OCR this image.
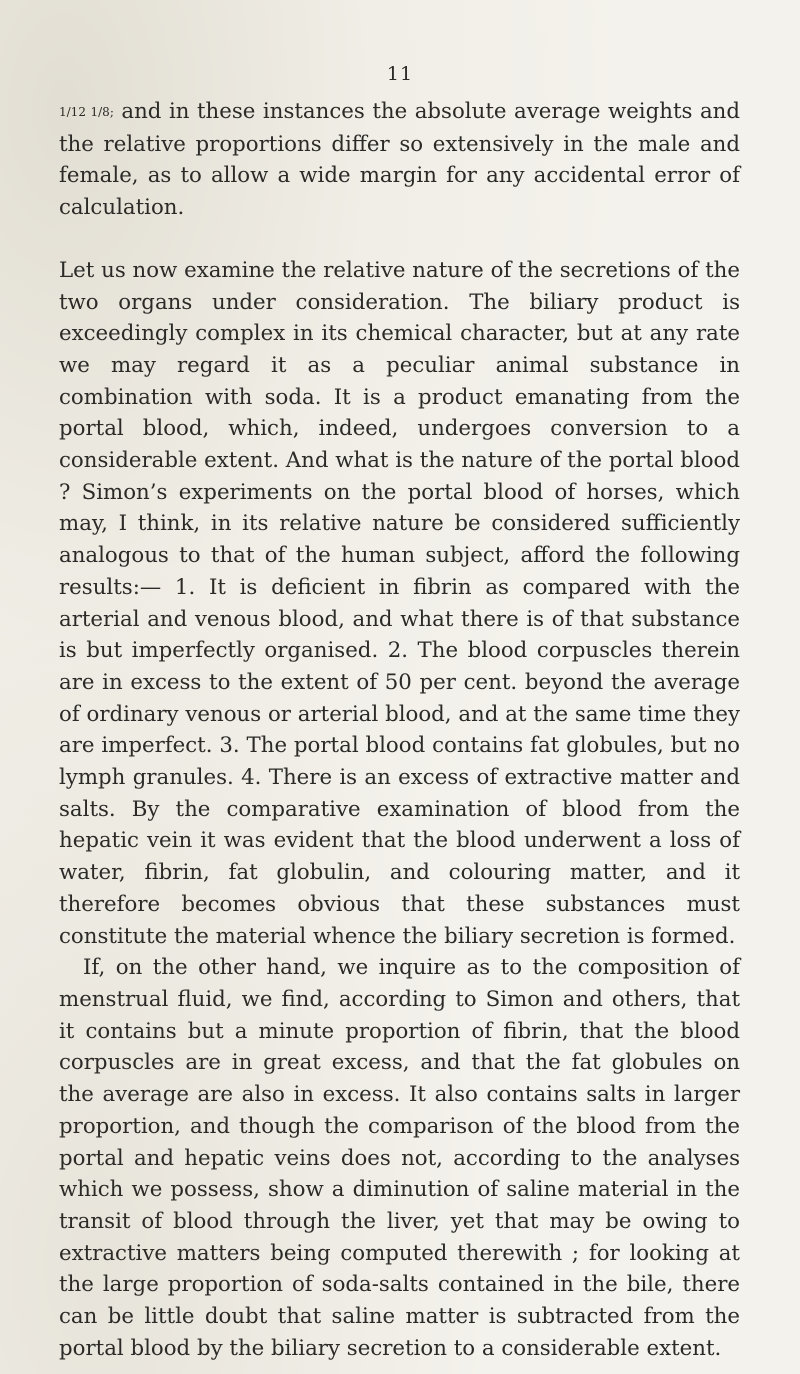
11

1/12 1/8; and in these instances the absolute average weights and the relative proportions differ so extensively in the male and female, as to allow a wide margin for any accidental error of calculation.

Let us now examine the relative nature of the secretions of the two organs under consideration. The biliary product is exceedingly complex in its chemical character, but at any rate we may regard it as a peculiar animal substance in combination with soda. It is a product emanating from the portal blood, which, indeed, undergoes conversion to a considerable extent. And what is the nature of the portal blood ? Simon’s experiments on the portal blood of horses, which may, I think, in its relative nature be considered sufficiently analogous to that of the human subject, afford the following results:— 1. It is deficient in fibrin as compared with the arterial and venous blood, and what there is of that substance is but imperfectly organised. 2. The blood corpuscles therein are in excess to the extent of 50 per cent. beyond the average of ordinary venous or arterial blood, and at the same time they are imperfect. 3. The portal blood contains fat globules, but no lymph granules. 4. There is an excess of extractive matter and salts. By the comparative examination of blood from the hepatic vein it was evident that the blood underwent a loss of water, fibrin, fat globulin, and colouring matter, and it therefore becomes obvious that these substances must constitute the material whence the biliary secretion is formed.

If, on the other hand, we inquire as to the composition of menstrual fluid, we find, according to Simon and others, that it contains but a minute proportion of fibrin, that the blood corpuscles are in great excess, and that the fat globules on the average are also in excess. It also contains salts in larger proportion, and though the comparison of the blood from the portal and hepatic veins does not, according to the analyses which we possess, show a diminution of saline material in the transit of blood through the liver, yet that may be owing to extractive matters being computed therewith ; for looking at the large proportion of soda-salts contained in the bile, there can be little doubt that saline matter is subtracted from the portal blood by the biliary secretion to a considerable extent.
